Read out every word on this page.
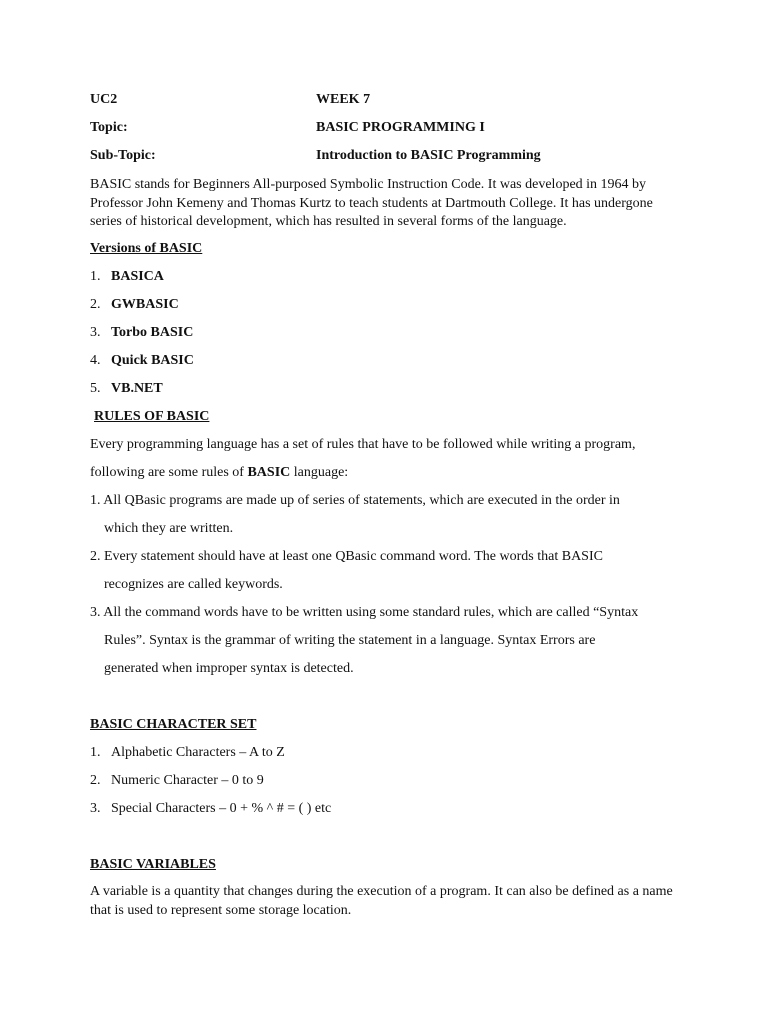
UC2	WEEK 7
Topic:	BASIC PROGRAMMING I
Sub-Topic:	Introduction to BASIC Programming
BASIC stands for Beginners All-purposed Symbolic Instruction Code. It was developed in 1964 by
Professor John Kemeny and Thomas Kurtz to teach students at Dartmouth College. It has undergone
series of historical development, which has resulted in several forms of the language.
Versions of BASIC
1. BASICA
2. GWBASIC
3. Torbo BASIC
4. Quick BASIC
5. VB.NET
RULES OF BASIC
Every programming language has a set of rules that have to be followed while writing a program,
following are some rules of BASIC language:
1. All QBasic programs are made up of series of statements, which are executed in the order in
which they are written.
2. Every statement should have at least one QBasic command word. The words that BASIC
recognizes are called keywords.
3. All the command words have to be written using some standard rules, which are called “Syntax
Rules”. Syntax is the grammar of writing the statement in a language. Syntax Errors are
generated when improper syntax is detected.
BASIC CHARACTER SET
1. Alphabetic Characters – A to Z
2. Numeric Character – 0 to 9
3. Special Characters – 0 + % ^ # = ( ) etc
BASIC VARIABLES
A variable is a quantity that changes during the execution of a program. It can also be defined as a name
that is used to represent some storage location.
